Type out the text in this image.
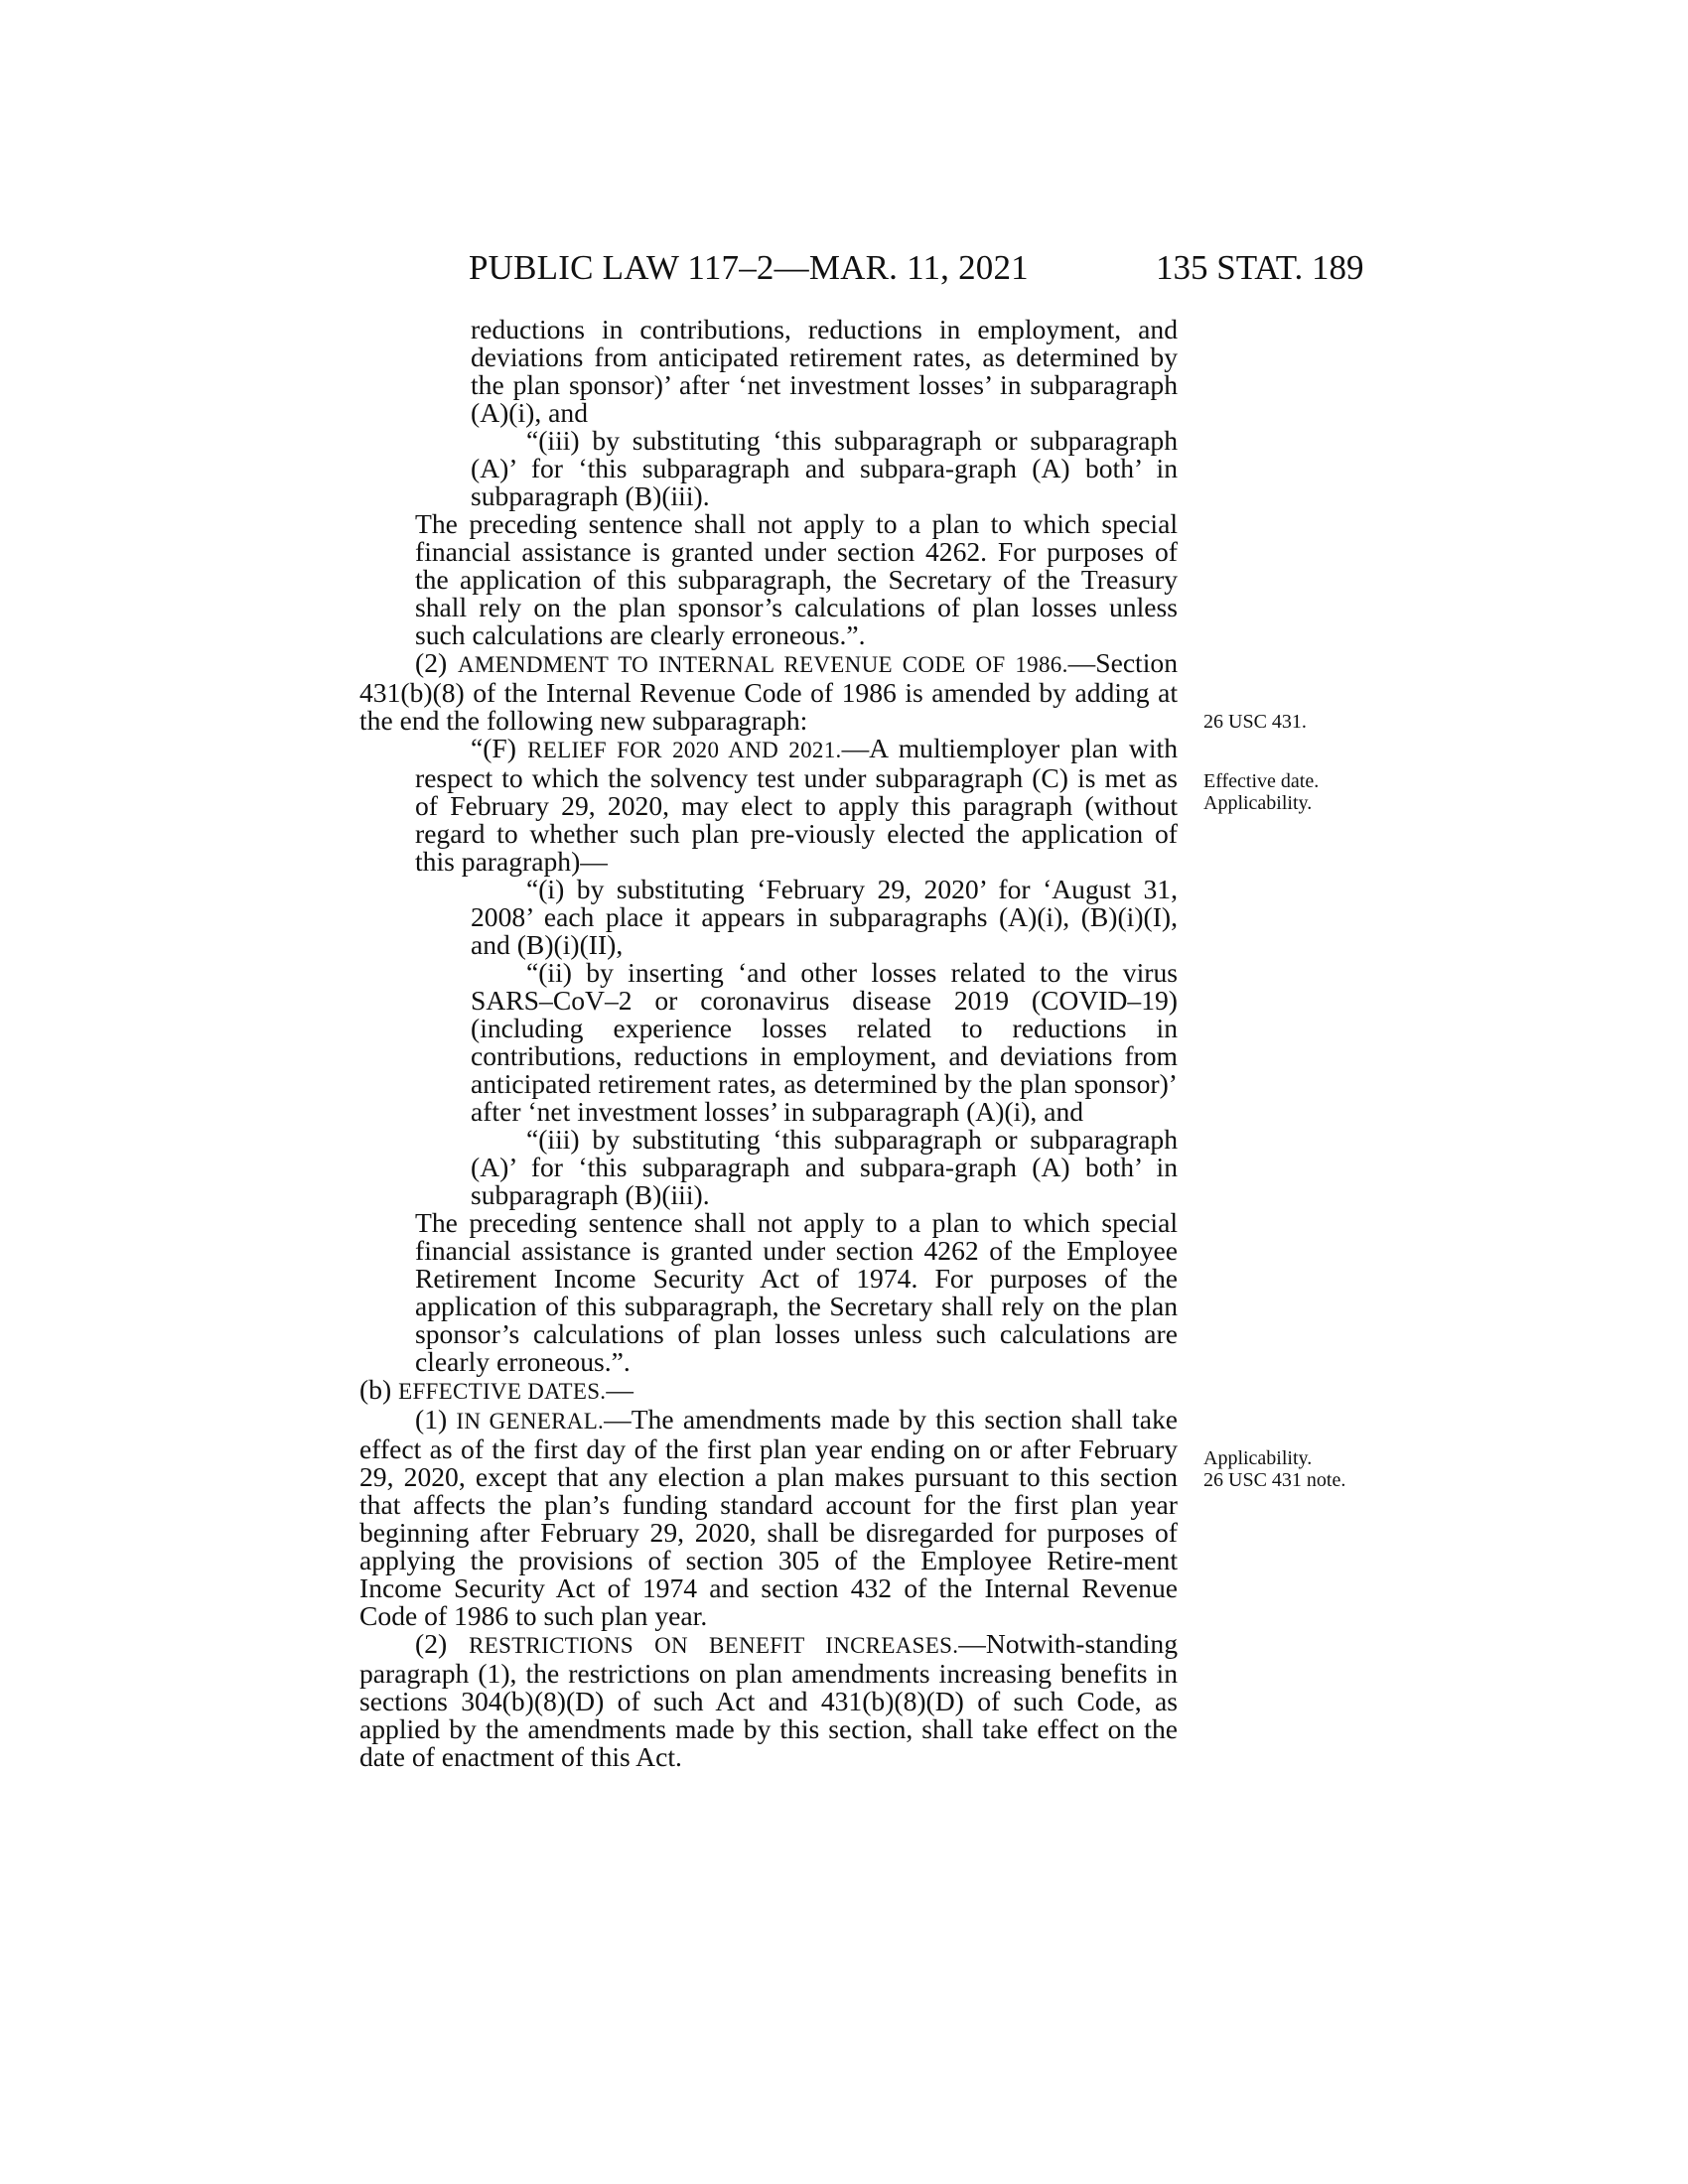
PUBLIC LAW 117–2—MAR. 11, 2021	135 STAT. 189

reductions in contributions, reductions in employment, and deviations from anticipated retirement rates, as determined by the plan sponsor)’ after ‘net investment losses’ in subparagraph (A)(i), and

“(iii) by substituting ‘this subparagraph or subparagraph (A)’ for ‘this subparagraph and subpara-graph (A) both’ in subparagraph (B)(iii).

The preceding sentence shall not apply to a plan to which special financial assistance is granted under section 4262. For purposes of the application of this subparagraph, the Secretary of the Treasury shall rely on the plan sponsor’s calculations of plan losses unless such calculations are clearly erroneous.”.

(2) AMENDMENT TO INTERNAL REVENUE CODE OF 1986.—Section 431(b)(8) of the Internal Revenue Code of 1986 is amended by adding at the end the following new subparagraph:

“(F) RELIEF FOR 2020 AND 2021.—A multiemployer plan with respect to which the solvency test under subparagraph (C) is met as of February 29, 2020, may elect to apply this paragraph (without regard to whether such plan pre-viously elected the application of this paragraph)—

“(i) by substituting ‘February 29, 2020’ for ‘August 31, 2008’ each place it appears in subparagraphs (A)(i), (B)(i)(I), and (B)(i)(II),

“(ii) by inserting ‘and other losses related to the virus SARS–CoV–2 or coronavirus disease 2019 (COVID–19) (including experience losses related to reductions in contributions, reductions in employment, and deviations from anticipated retirement rates, as determined by the plan sponsor)’ after ‘net investment losses’ in subparagraph (A)(i), and

“(iii) by substituting ‘this subparagraph or subparagraph (A)’ for ‘this subparagraph and subpara-graph (A) both’ in subparagraph (B)(iii).

The preceding sentence shall not apply to a plan to which special financial assistance is granted under section 4262 of the Employee Retirement Income Security Act of 1974. For purposes of the application of this subparagraph, the Secretary shall rely on the plan sponsor’s calculations of plan losses unless such calculations are clearly erroneous.”.

(b) EFFECTIVE DATES.—

(1) IN GENERAL.—The amendments made by this section shall take effect as of the first day of the first plan year ending on or after February 29, 2020, except that any election a plan makes pursuant to this section that affects the plan’s funding standard account for the first plan year beginning after February 29, 2020, shall be disregarded for purposes of applying the provisions of section 305 of the Employee Retire-ment Income Security Act of 1974 and section 432 of the Internal Revenue Code of 1986 to such plan year.

(2) RESTRICTIONS ON BENEFIT INCREASES.—Notwith-standing paragraph (1), the restrictions on plan amendments increasing benefits in sections 304(b)(8)(D) of such Act and 431(b)(8)(D) of such Code, as applied by the amendments made by this section, shall take effect on the date of enactment of this Act.

26 USC 431.
Effective date.
Applicability.
Applicability.
26 USC 431 note.
